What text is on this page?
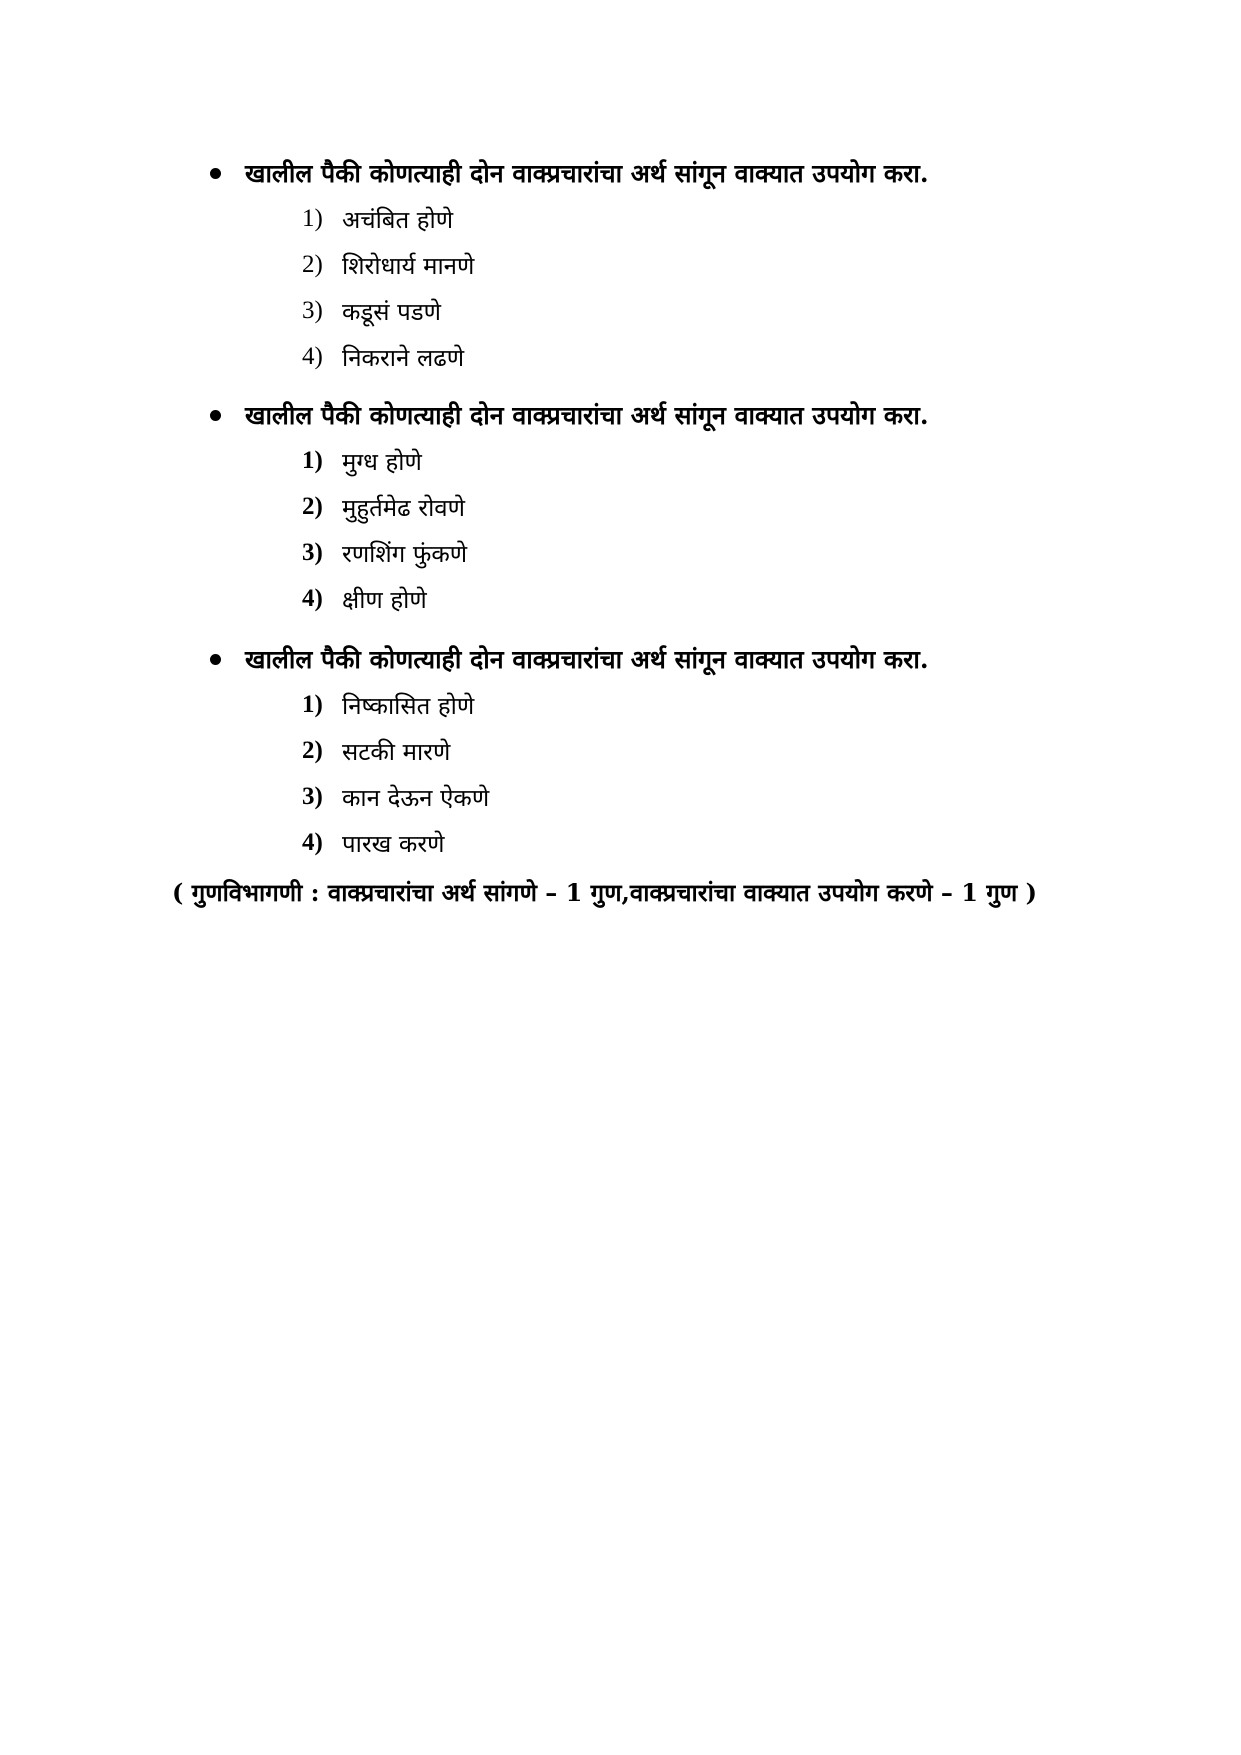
खालील पैकी कोणत्याही दोन वाक्प्रचारांचा अर्थ सांगून वाक्यात उपयोग करा.
1) अचंबित होणे
2) शिरोधार्य मानणे
3) कडूसं पडणे
4) निकराने लढणे
खालील पैकी कोणत्याही दोन वाक्प्रचारांचा अर्थ सांगून वाक्यात उपयोग करा.
1) मुग्ध होणे
2) मुहुर्तमेढ रोवणे
3) रणशिंग फुंकणे
4) क्षीण होणे
खालील पैकी कोणत्याही दोन वाक्प्रचारांचा अर्थ सांगून वाक्यात उपयोग करा.
1) निष्कासित होणे
2) सटकी मारणे
3) कान देऊन ऐकणे
4) पारख करणे
( गुणविभागणी : वाक्प्रचारांचा अर्थ सांगणे – 1 गुण,वाक्प्रचारांचा वाक्यात उपयोग करणे – 1 गुण )
